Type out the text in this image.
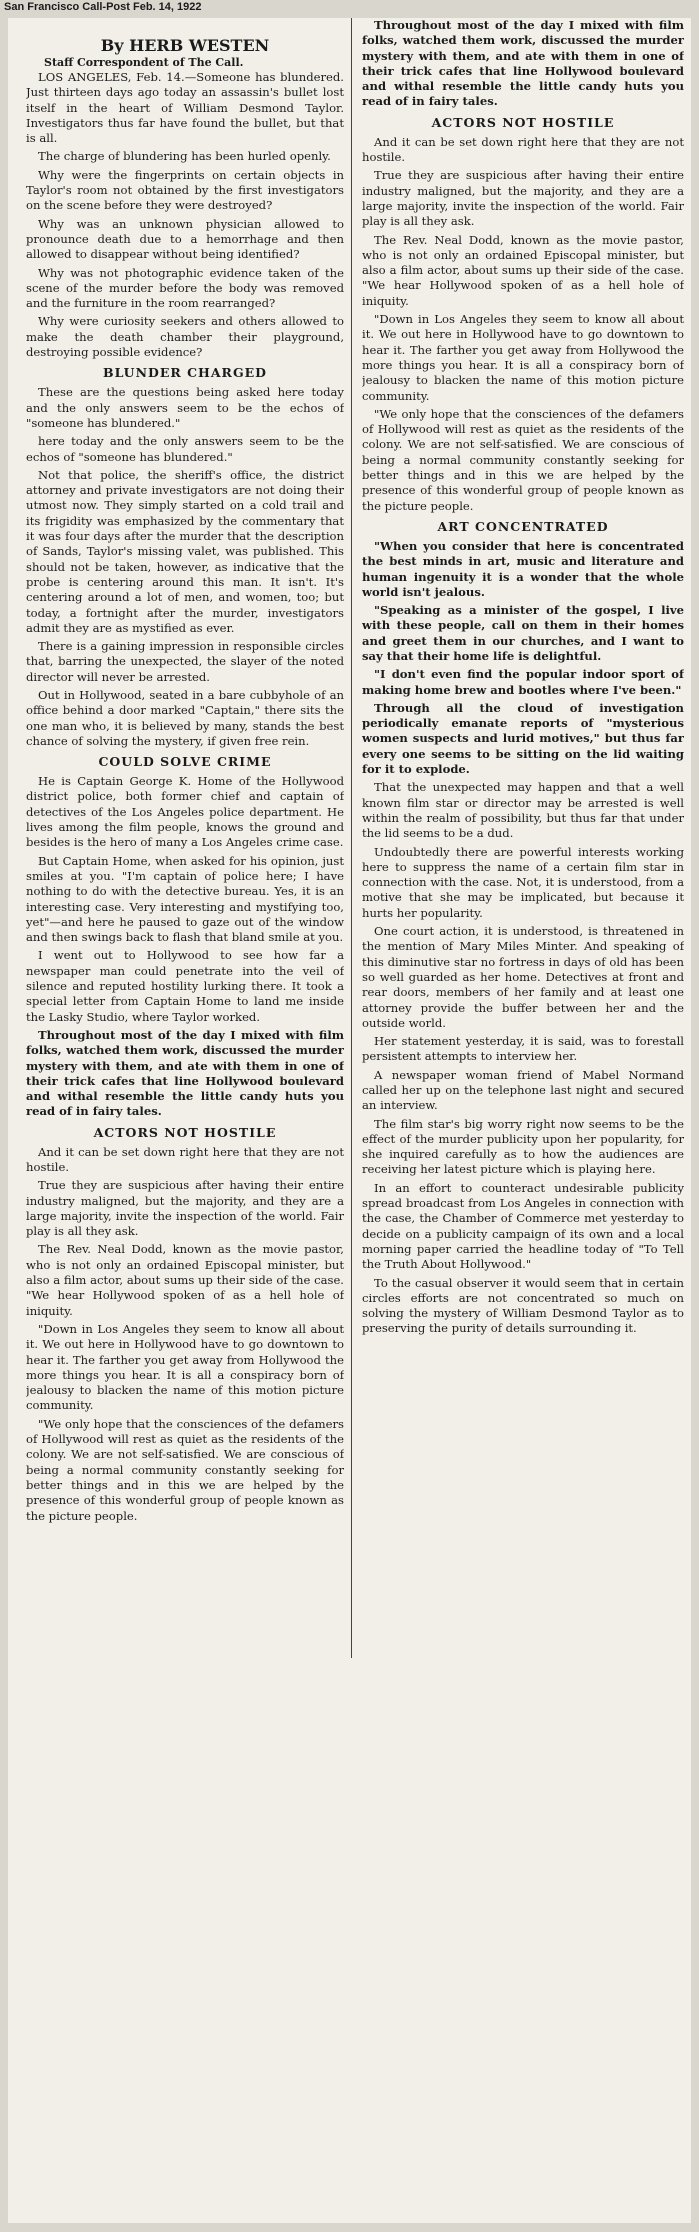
San Francisco Call-Post Feb. 14, 1922
By HERB WESTEN
Staff Correspondent of The Call.

LOS ANGELES, Feb. 14.—Someone has blundered. Just thirteen days ago today an assassin's bullet lost itself in the heart of William Desmond Taylor. Investigators thus far have found the bullet, but that is all.

The charge of blundering has been hurled openly.

Why were the fingerprints on certain objects in Taylor's room not obtained by the first investigators on the scene before they were destroyed?

Why was an unknown physician allowed to pronounce death due to a hemorrhage and then allowed to disappear without being identified?

Why was not photographic evidence taken of the scene of the murder before the body was removed and the furniture in the room rearranged?

Why were curiosity seekers and others allowed to make the death chamber their playground, destroying possible evidence?

BLUNDER CHARGED

These are the questions being asked here today and the only answers seem to be the echos of "someone has blundered."

here today and the only answers seem to be the echos of "someone has blundered."

Not that police, the sheriff's office, the district attorney and private investigators are not doing their utmost now. They simply started on a cold trail and its frigidity was emphasized by the commentary that it was four days after the murder that the description of Sands, Taylor's missing valet, was published. This should not be taken, however, as indicative that the probe is centering around this man. It isn't. It's centering around a lot of men, and women, too; but today, a fortnight after the murder, investigators admit they are as mystified as ever.

There is a gaining impression in responsible circles that, barring the unexpected, the slayer of the noted director will never be arrested.

Out in Hollywood, seated in a bare cubbyhole of an office behind a door marked "Captain," there sits the one man who, it is believed by many, stands the best chance of solving the mystery, if given free rein.

COULD SOLVE CRIME

He is Captain George K. Home of the Hollywood district police, both former chief and captain of detectives of the Los Angeles police department. He lives among the film people, knows the ground and besides is the hero of many a Los Angeles crime case.

But Captain Home, when asked for his opinion, just smiles at you. "I'm captain of police here; I have nothing to do with the detective bureau. Yes, it is an interesting case. Very interesting and mystifying too, yet"—and here he paused to gaze out of the window and then swings back to flash that bland smile at you.

I went out to Hollywood to see how far a newspaper man could penetrate into the veil of silence and reputed hostility lurking there. It took a special letter from Captain Home to land me inside the Lasky Studio, where Taylor worked.

Throughout most of the day I mixed with film folks, watched them work, discussed the murder mystery with them, and ate with them in one of their trick cafes that line Hollywood boulevard and withal resemble the little candy huts you read of in fairy tales.

ACTORS NOT HOSTILE

And it can be set down right here that they are not hostile.

True they are suspicious after having their entire industry maligned, but the majority, and they are a large majority, invite the inspection of the world. Fair play is all they ask.

The Rev. Neal Dodd, known as the movie pastor, who is not only an ordained Episcopal minister, but also a film actor, about sums up their side of the case. "We hear Hollywood spoken of as a hell hole of iniquity.

"Down in Los Angeles they seem to know all about it. We out here in Hollywood have to go downtown to hear it. The farther you get away from Hollywood the more things you hear. It is all a conspiracy born of jealousy to blacken the name of this motion picture community.

"We only hope that the consciences of the defamers of Hollywood will rest as quiet as the residents of the colony. We are not self-satisfied. We are conscious of being a normal community constantly seeking for better things and in this we are helped by the presence of this wonderful group of people known as the picture people.

Throughout most of the day I mixed with film folks, watched them work, discussed the murder mystery with them, and ate with them in one of their trick cafes that line Hollywood boulevard and withal resemble the little candy huts you read of in fairy tales.

ACTORS NOT HOSTILE

And it can be set down right here that they are not hostile.

True they are suspicious after having their entire industry maligned, but the majority, and they are a large majority, invite the inspection of the world. Fair play is all they ask.

The Rev. Neal Dodd, known as the movie pastor, who is not only an ordained Episcopal minister, but also a film actor, about sums up their side of the case. "We hear Hollywood spoken of as a hell hole of iniquity.

"Down in Los Angeles they seem to know all about it. We out here in Hollywood have to go downtown to hear it. The farther you get away from Hollywood the more things you hear. It is all a conspiracy born of jealousy to blacken the name of this motion picture community.

"We only hope that the consciences of the defamers of Hollywood will rest as quiet as the residents of the colony. We are not self-satisfied. We are conscious of being a normal community constantly seeking for better things and in this we are helped by the presence of this wonderful group of people known as the picture people.

ART CONCENTRATED

"When you consider that here is concentrated the best minds in art, music and literature and human ingenuity it is a wonder that the whole world isn't jealous.

"Speaking as a minister of the gospel, I live with these people, call on them in their homes and greet them in our churches, and I want to say that their home life is delightful.

"I don't even find the popular indoor sport of making home brew and bootles where I've been."

Through all the cloud of investigation periodically emanate reports of "mysterious women suspects and lurid motives," but thus far every one seems to be sitting on the lid waiting for it to explode.

That the unexpected may happen and that a well known film star or director may be arrested is well within the realm of possibility, but thus far that under the lid seems to be a dud.

Undoubtedly there are powerful interests working here to suppress the name of a certain film star in connection with the case. Not, it is understood, from a motive that she may be implicated, but because it hurts her popularity.

One court action, it is understood, is threatened in the mention of Mary Miles Minter. And speaking of this diminutive star no fortress in days of old has been so well guarded as her home. Detectives at front and rear doors, members of her family and at least one attorney provide the buffer between her and the outside world.

Her statement yesterday, it is said, was to forestall persistent attempts to interview her.

A newspaper woman friend of Mabel Normand called her up on the telephone last night and secured an interview.

The film star's big worry right now seems to be the effect of the murder publicity upon her popularity, for she inquired carefully as to how the audiences are receiving her latest picture which is playing here.

In an effort to counteract undesirable publicity spread broadcast from Los Angeles in connection with the case, the Chamber of Commerce met yesterday to decide on a publicity campaign of its own and a local morning paper carried the headline today of "To Tell the Truth About Hollywood."

To the casual observer it would seem that in certain circles efforts are not concentrated so much on solving the mystery of William Desmond Taylor as to preserving the purity of details surrounding it.
